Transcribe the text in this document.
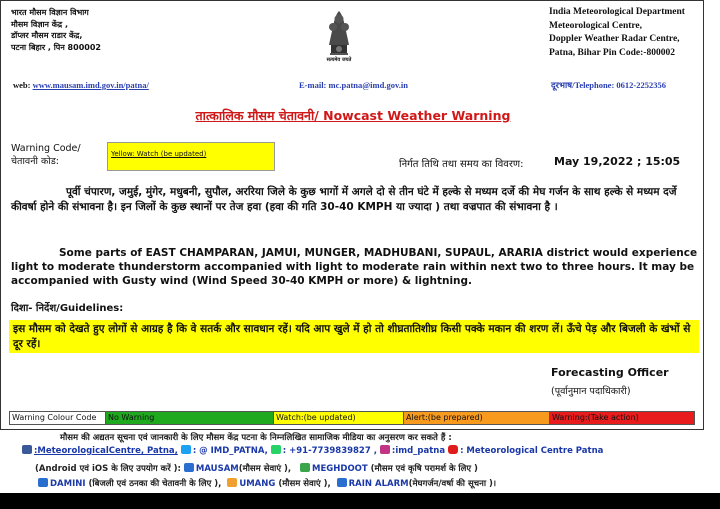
भारत मौसम विज्ञान विभाग
मौसम विज्ञान केंद्र ,
डॉप्लर मौसम राडार केंद्र,
पटना बिहार , पिन 800002
सत्यमेव जयते
India Meteorological Department
Meteorological Centre,
Doppler Weather Radar Centre,
Patna, Bihar Pin Code:-800002
web: www.mausam.imd.gov.in/patna/	E-mail: mc.patna@imd.gov.in	दूरभाष/Telephone: 0612-2252356
तात्कालिक मौसम चेतावनी/ Nowcast Weather Warning
Warning Code/
चेतावनी कोड:
Yellow: Watch (be updated)
निर्गत तिथि तथा समय का विवरण:	May 19,2022 ; 15:05
पूर्वी चंपारण, जमुई, मुंगेर, मधुबनी, सुपौल, अररिया जिले के कुछ भागों में अगले दो से तीन घंटे में हल्के से मध्यम दर्जे की मेघ गर्जन के साथ हल्के से मध्यम दर्जे कीवर्षा होने की संभावना है। इन जिलों के कुछ स्थानों पर तेज हवा (हवा की गति 30-40 KMPH या ज्यादा ) तथा वज्रपात की संभावना है ।
Some parts of EAST CHAMPARAN, JAMUI, MUNGER, MADHUBANI, SUPAUL, ARARIA district would experience light to moderate thunderstorm accompanied with light to moderate rain within next two to three hours. It may be accompanied with Gusty wind (Wind Speed 30-40 KMPH or more) & lightning.
दिशा- निर्देश/Guidelines:
इस मौसम को देखते हुए लोगों से आग्रह है कि वे सतर्क और सावधान रहें। यदि आप खुले में हो तो शीघ्रतातिशीघ्र किसी पक्के मकान की शरण लें। ऊँचे पेड़ और बिजली के खंभों से दूर रहें।
Forecasting Officer
(पूर्वानुमान पदाधिकारी)
Warning Colour Code	No Warning	Watch:(be updated)	Alert:(be prepared)	Warning:(Take action)
मौसम की अद्यतन सूचना एवं जानकारी के लिए मौसम केंद्र पटना के निम्नलिखित सामाजिक मीडिया का अनुसरण कर सकते हैं :
:MeteorologicalCentre, Patna, : @ IMD_PATNA, : +91-7739839827 , :imd_patna : Meteorological Centre Patna
(Android एवं iOS के लिए उपयोग करें ): MAUSAM(मौसम सेवाएं ), MEGHDOOT (मौसम एवं कृषि परामर्श के लिए )
DAMINI (बिजली एवं ठनका की चेतावनी के लिए ), UMANG (मौसम सेवाएं ), RAIN ALARM(मेघगर्जन/वर्षा की सूचना )।
